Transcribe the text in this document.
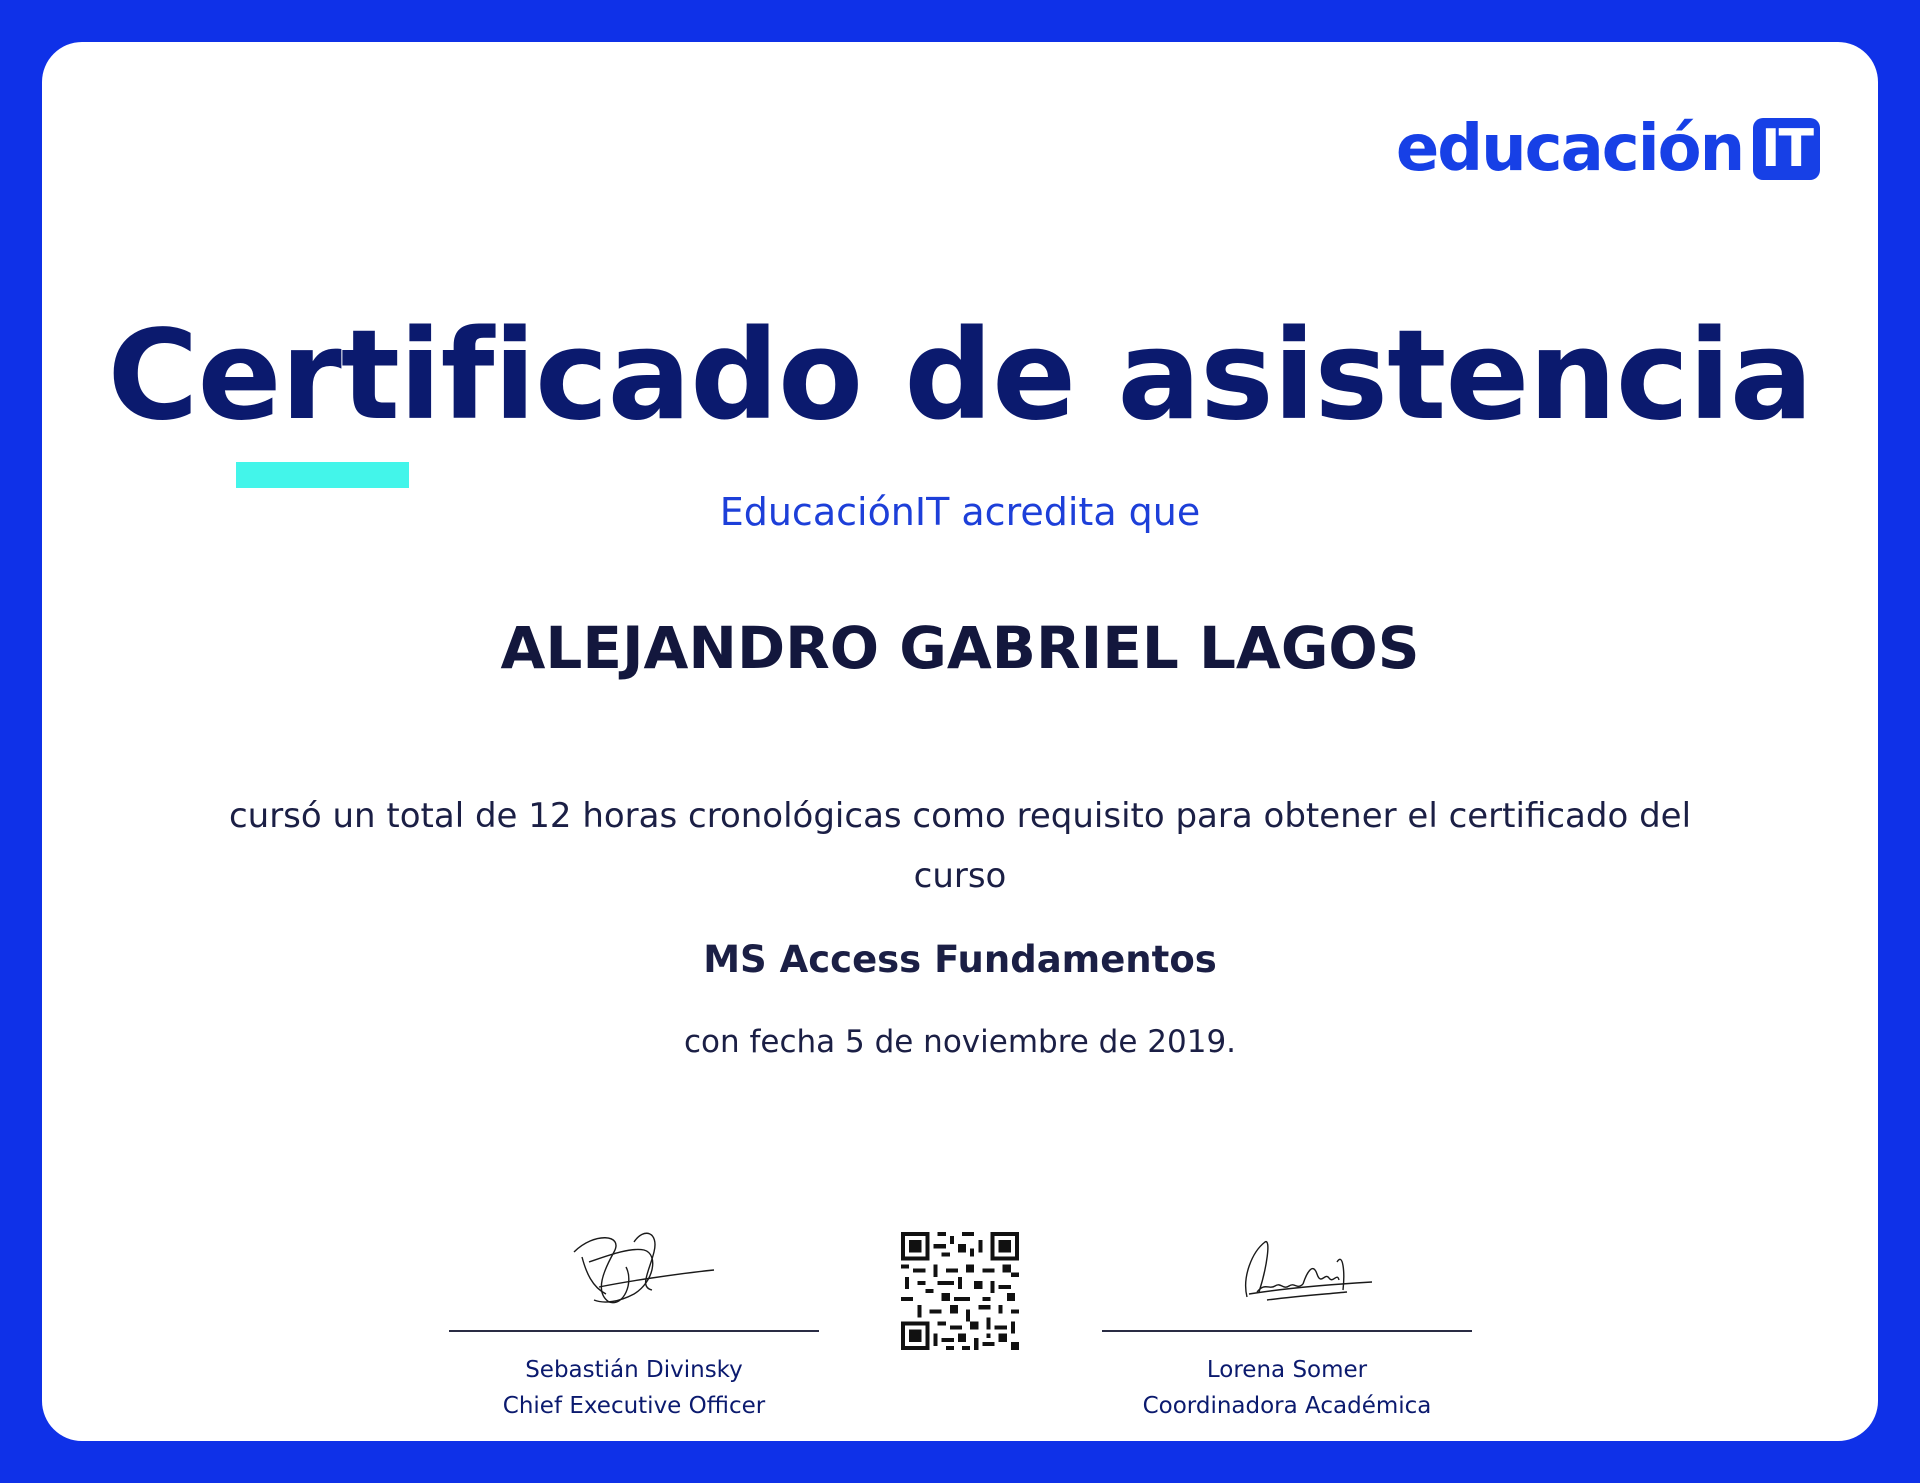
educación IT
Certificado de asistencia
EducaciónIT acredita que
ALEJANDRO GABRIEL LAGOS
cursó un total de 12 horas cronológicas como requisito para obtener el certificado del curso
MS Access Fundamentos
con fecha 5 de noviembre de 2019.
Sebastián Divinsky
Chief Executive Officer
Lorena Somer
Coordinadora Académica
